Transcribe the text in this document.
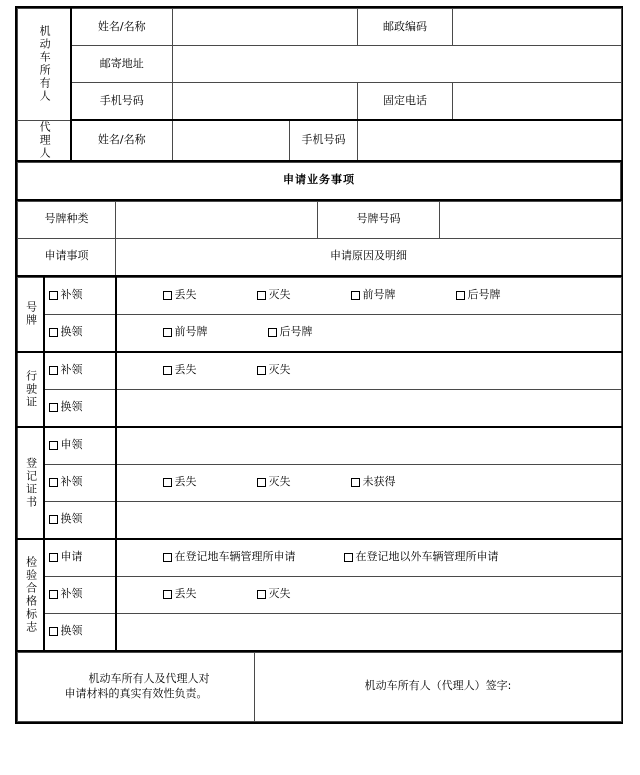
机动车所有人	姓名/名称			邮政编码	
	邮寄地址				
	手机号码			固定电话	

代理人	姓名/名称		手机号码		
申请业务事项
号牌种类		号牌号码	
申请事项	申请原因及明细		
号牌	补领	丢失 灭失 前号牌 后号牌

	换领	前号牌 后号牌

行驶证	补领	丢失 灭失

	换领	

登记证书	申领	

	补领	丢失 灭失 未获得

	换领	

检验合格标志	申请	在登记地车辆管理所申请 在登记地以外车辆管理所申请

	补领	丢失 灭失

	换领	

机动车所有人及代理人对
申请材料的真实有效性负责。	机动车所有人（代理人）签字:
